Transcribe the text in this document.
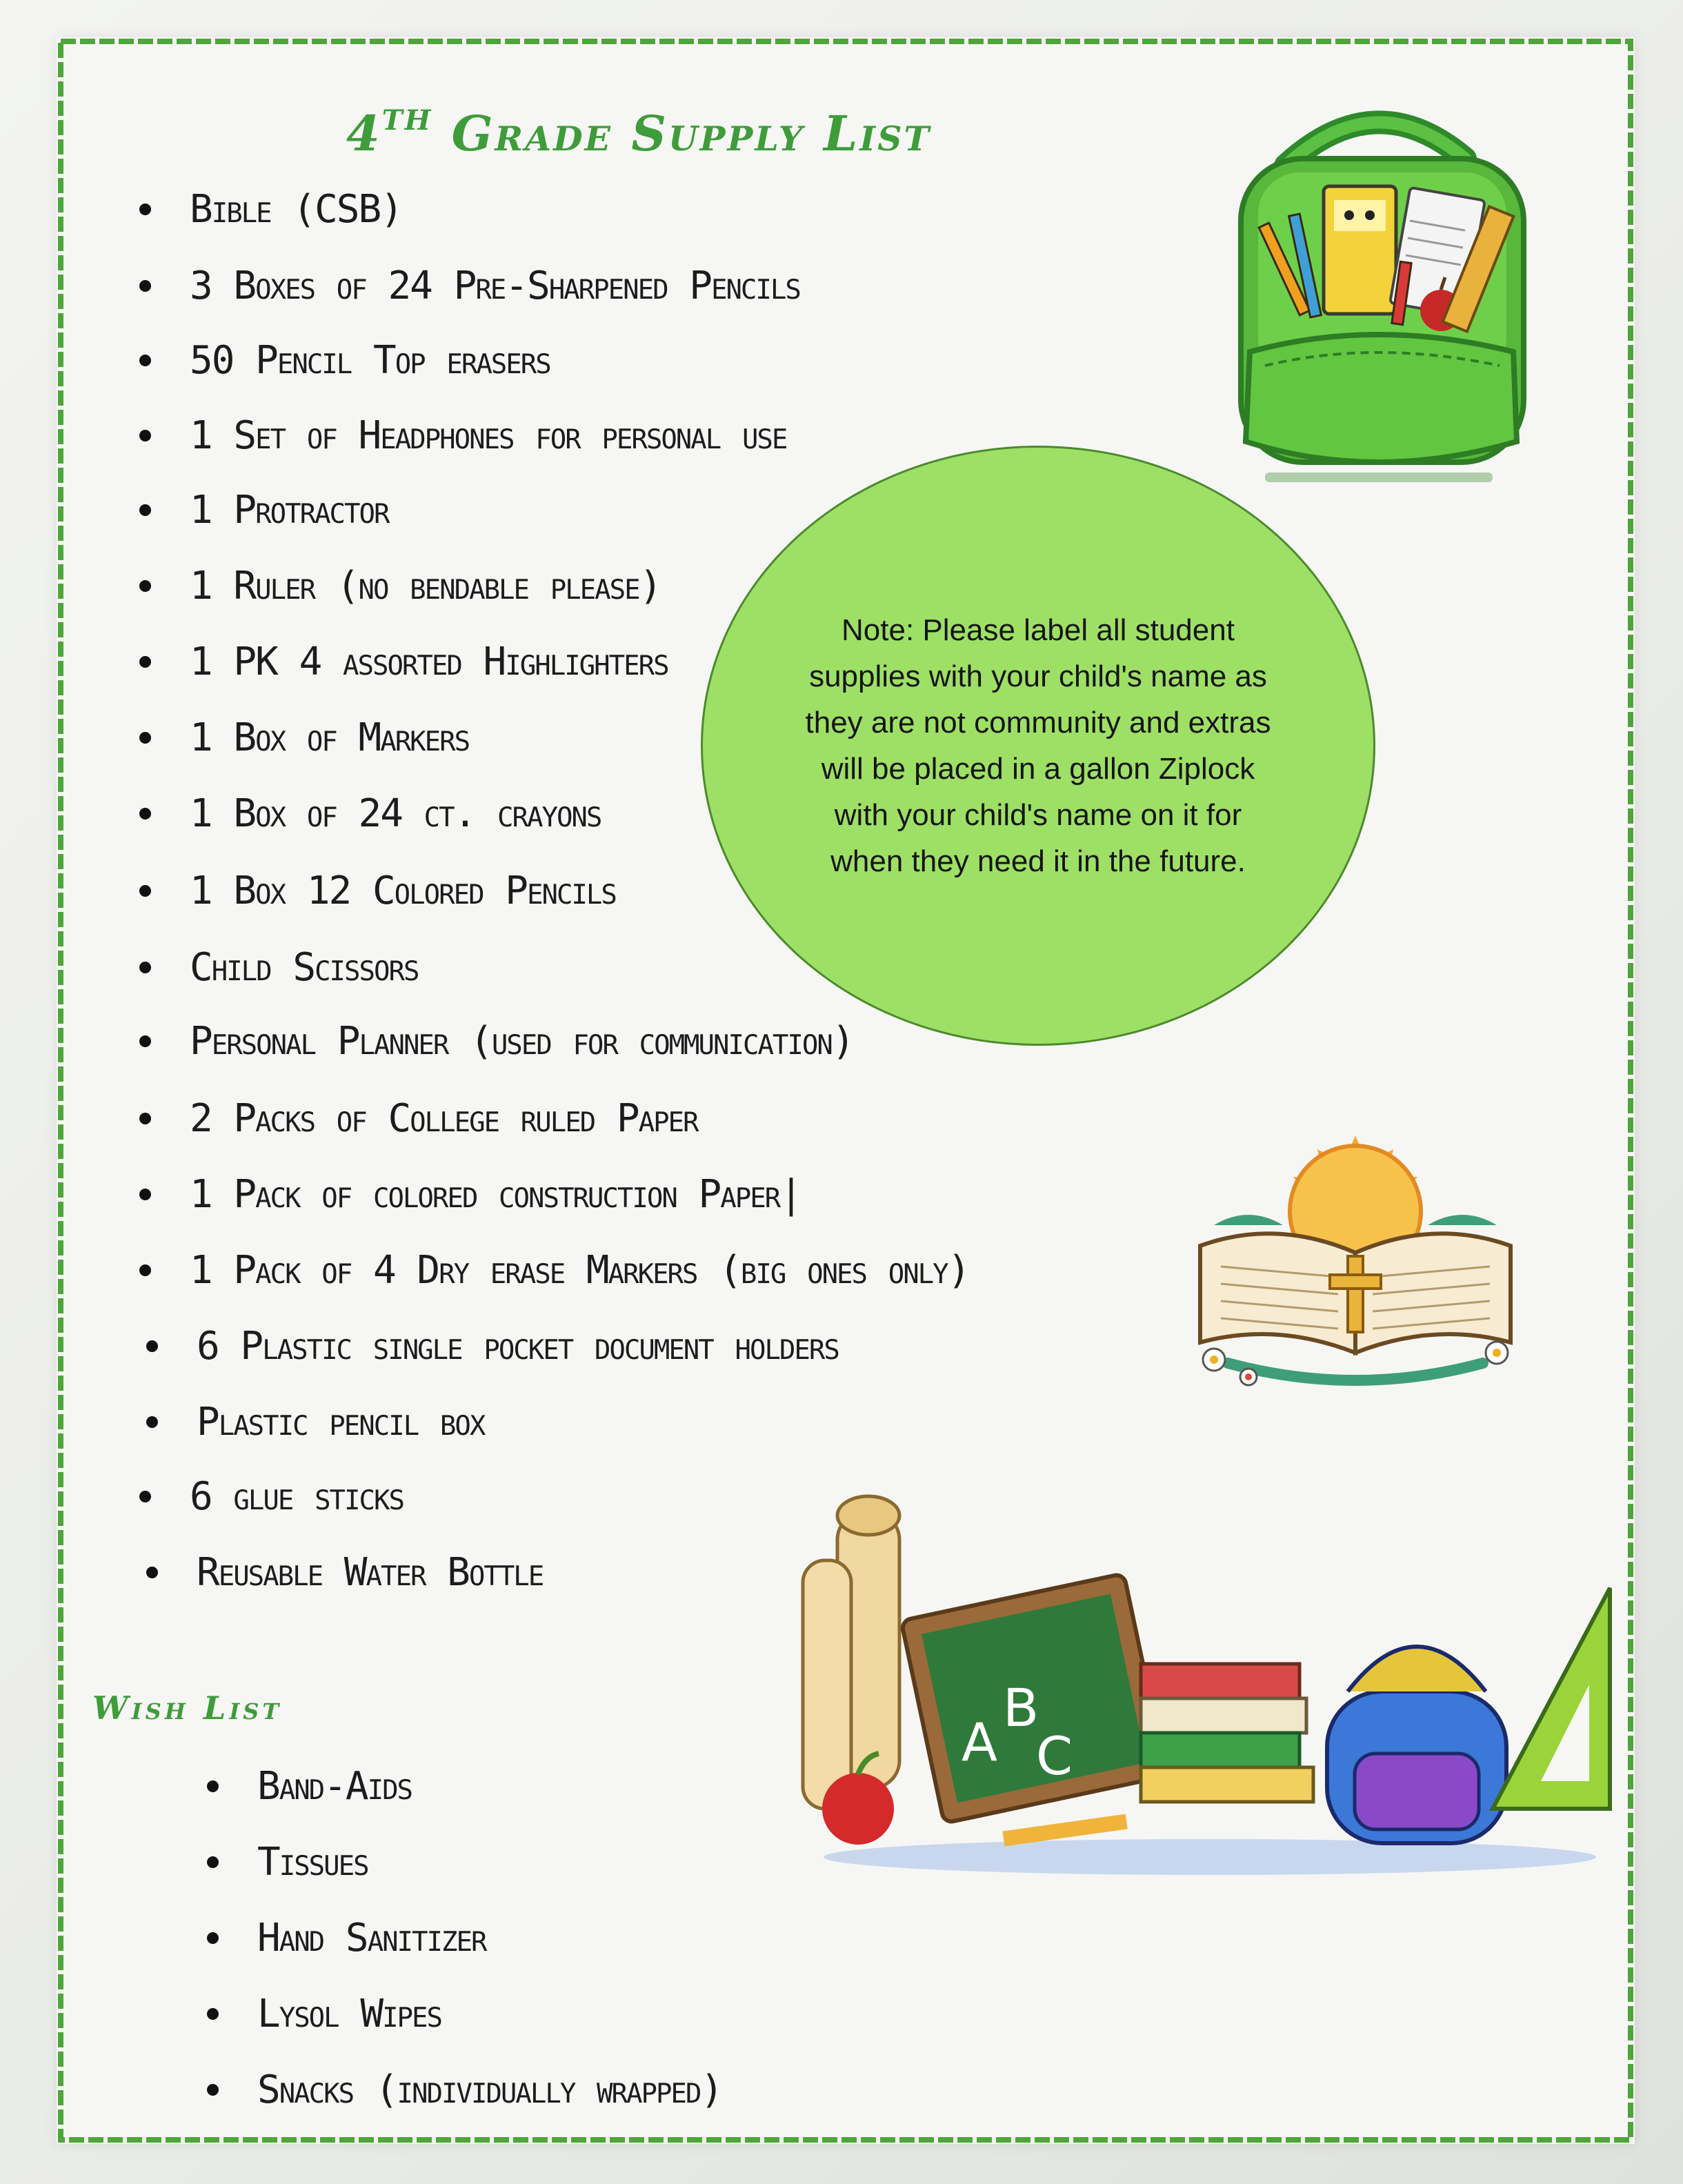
4TH Grade Supply List
Bible (CSB)
3 Boxes of 24 Pre-Sharpened Pencils
50 Pencil Top erasers
1 Set of Headphones for personal use
1 Protractor
1 Ruler (no bendable please)
1 PK 4 assorted Highlighters
1 Box of Markers
1 Box of 24 ct. crayons
1 Box 12 Colored Pencils
Child Scissors
Personal Planner (used for communication)
2 Packs of College ruled Paper
1 Pack of colored construction Paper|
1 Pack of 4 Dry erase Markers (big ones only)
6 Plastic single pocket document holders
Plastic pencil box
6 glue sticks
Reusable Water Bottle
Wish List
Band-Aids
Tissues
Hand Sanitizer
Lysol Wipes
Snacks (individually wrapped)

Note: Please label all student supplies with your child's name as they are not community and extras will be placed in a gallon Ziplock with your child's name on it for when they need it in the future.

A
B
C
